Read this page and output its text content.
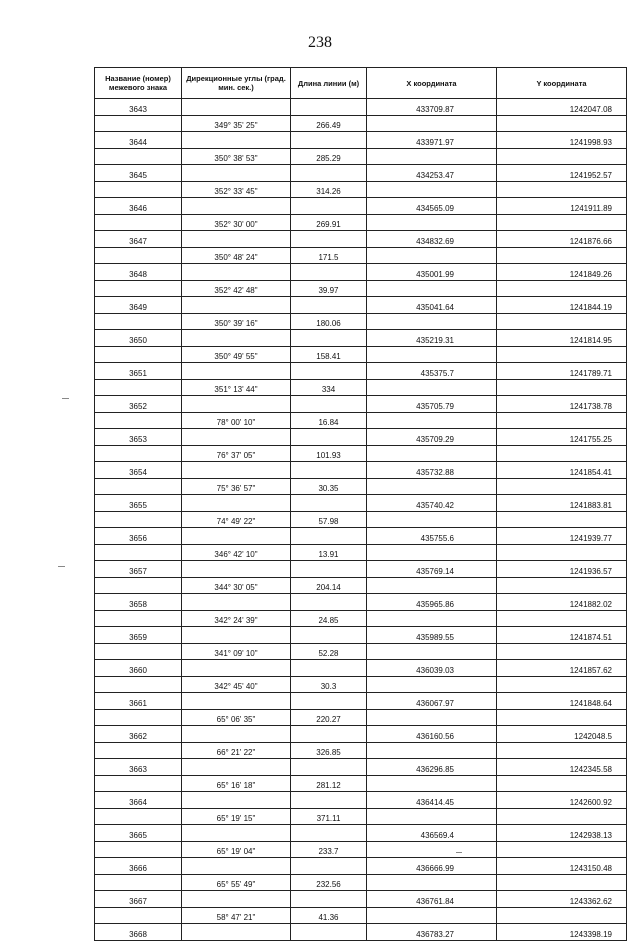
238
Название (номер) межевого знака	Дирекционные углы (град. мин. сек.)	Длина линии (м)	X координата	Y координата
3643			433709.87	1242047.08
	349° 35' 25"	266.49		
3644			433971.97	1241998.93
	350° 38' 53"	285.29		
3645			434253.47	1241952.57
	352° 33' 45"	314.26		
3646			434565.09	1241911.89
	352° 30' 00"	269.91		
3647			434832.69	1241876.66
	350° 48' 24"	171.5		
3648			435001.99	1241849.26
	352° 42' 48"	39.97		
3649			435041.64	1241844.19
	350° 39' 16"	180.06		
3650			435219.31	1241814.95
	350° 49' 55"	158.41		
3651			435375.7	1241789.71
	351° 13' 44"	334		
3652			435705.79	1241738.78
	78° 00' 10"	16.84		
3653			435709.29	1241755.25
	76° 37' 05"	101.93		
3654			435732.88	1241854.41
	75° 36' 57"	30.35		
3655			435740.42	1241883.81
	74° 49' 22"	57.98		
3656			435755.6	1241939.77
	346° 42' 10"	13.91		
3657			435769.14	1241936.57
	344° 30' 05"	204.14		
3658			435965.86	1241882.02
	342° 24' 39"	24.85		
3659			435989.55	1241874.51
	341° 09' 10"	52.28		
3660			436039.03	1241857.62
	342° 45' 40"	30.3		
3661			436067.97	1241848.64
	65° 06' 35"	220.27		
3662			436160.56	1242048.5
	66° 21' 22"	326.85		
3663			436296.85	1242345.58
	65° 16' 18"	281.12		
3664			436414.45	1242600.92
	65° 19' 15"	371.11		
3665			436569.4	1242938.13
	65° 19' 04"	233.7		
3666			436666.99	1243150.48
	65° 55' 49"	232.56		
3667			436761.84	1243362.62
	58° 47' 21"	41.36		
3668			436783.27	1243398.19
